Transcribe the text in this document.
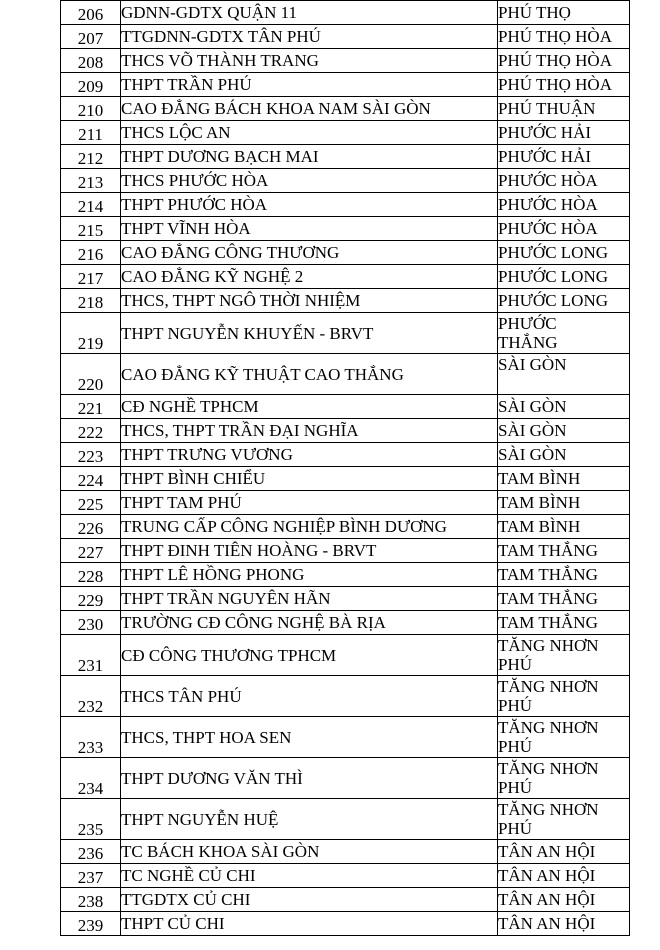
206	GDNN-GDTX QUẬN 11	PHÚ THỌ
207	TTGDNN-GDTX TÂN PHÚ	PHÚ THỌ HÒA
208	THCS VÕ THÀNH TRANG	PHÚ THỌ HÒA
209	THPT TRẦN PHÚ	PHÚ THỌ HÒA
210	CAO ĐẲNG BÁCH KHOA NAM SÀI GÒN	PHÚ THUẬN
211	THCS LỘC AN	PHƯỚC HẢI
212	THPT DƯƠNG BẠCH MAI	PHƯỚC HẢI
213	THCS PHƯỚC HÒA	PHƯỚC HÒA
214	THPT PHƯỚC HÒA	PHƯỚC HÒA
215	THPT VĨNH HÒA	PHƯỚC HÒA
216	CAO ĐẲNG CÔNG THƯƠNG	PHƯỚC LONG
217	CAO ĐẲNG KỸ NGHỆ 2	PHƯỚC LONG
218	THCS, THPT NGÔ THỜI NHIỆM	PHƯỚC LONG
219	THPT NGUYỄN KHUYẾN - BRVT	PHƯỚC
THẮNG

220	CAO ĐẲNG KỸ THUẬT CAO THẮNG	SÀI GÒN
221	CĐ NGHỀ TPHCM	SÀI GÒN
222	THCS, THPT TRẦN ĐẠI NGHĨA	SÀI GÒN
223	THPT TRƯNG VƯƠNG	SÀI GÒN
224	THPT BÌNH CHIỂU	TAM BÌNH
225	THPT TAM PHÚ	TAM BÌNH
226	TRUNG CẤP CÔNG NGHIỆP BÌNH DƯƠNG	TAM BÌNH
227	THPT ĐINH TIÊN HOÀNG - BRVT	TAM THẮNG
228	THPT LÊ HỒNG PHONG	TAM THẮNG
229	THPT TRẦN NGUYÊN HÃN	TAM THẮNG
230	TRƯỜNG CĐ CÔNG NGHỆ BÀ RỊA	TAM THẮNG
231	CĐ CÔNG THƯƠNG TPHCM	TĂNG NHƠN
PHÚ

232	THCS TÂN PHÚ	TĂNG NHƠN
PHÚ

233	THCS, THPT HOA SEN	TĂNG NHƠN
PHÚ

234	THPT DƯƠNG VĂN THÌ	TĂNG NHƠN
PHÚ

235	THPT NGUYỄN HUỆ	TĂNG NHƠN
PHÚ

236	TC BÁCH KHOA SÀI GÒN	TÂN AN HỘI
237	TC NGHỀ CỦ CHI	TÂN AN HỘI
238	TTGDTX CỦ CHI	TÂN AN HỘI
239	THPT CỦ CHI	TÂN AN HỘI
